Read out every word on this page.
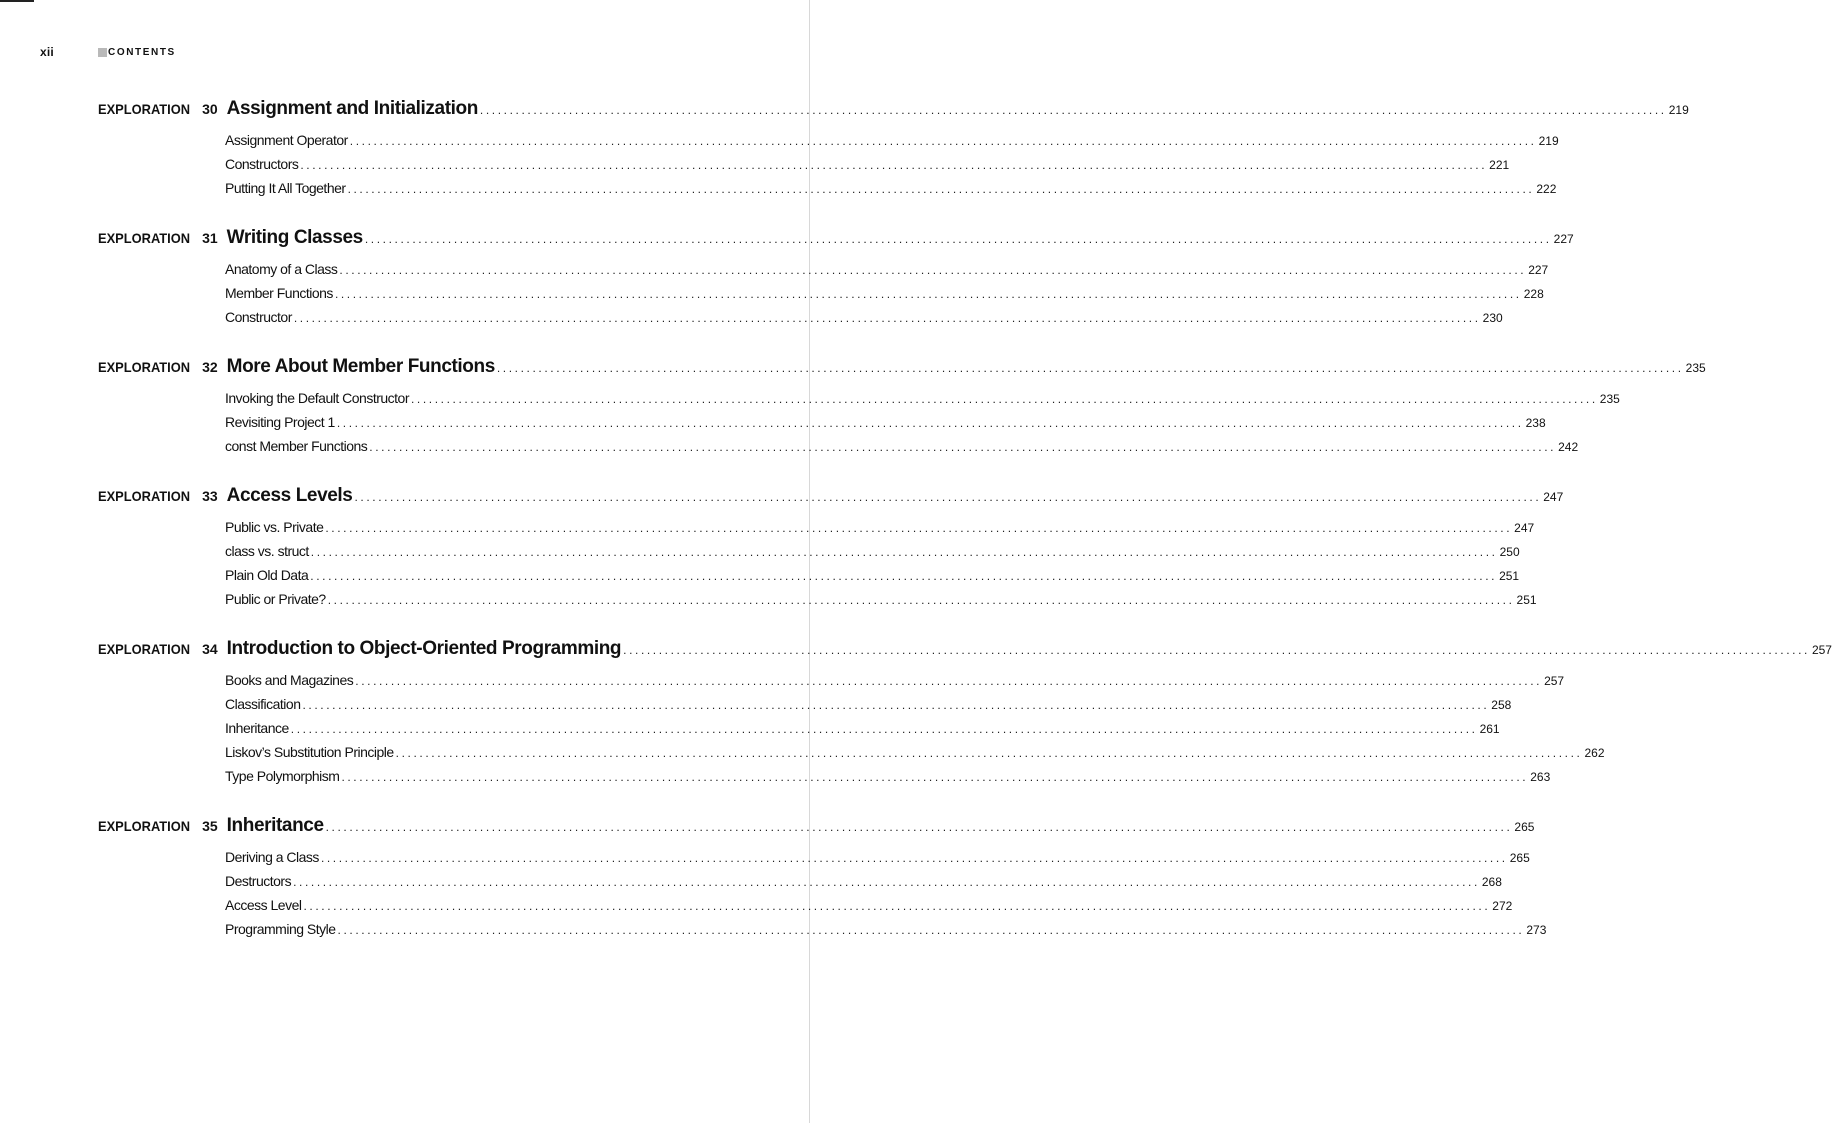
xii	CONTENTS
EXPLORATION 30 Assignment and Initialization ........................................................................................................................................................................................................ 219
Assignment Operator ........................................................................................................................................................................................................ 219
Constructors ........................................................................................................................................................................................................ 221
Putting It All Together ........................................................................................................................................................................................................ 222
EXPLORATION 31 Writing Classes ........................................................................................................................................................................................................ 227
Anatomy of a Class ........................................................................................................................................................................................................ 227
Member Functions ........................................................................................................................................................................................................ 228
Constructor ........................................................................................................................................................................................................ 230
EXPLORATION 32 More About Member Functions ........................................................................................................................................................................................................ 235
Invoking the Default Constructor ........................................................................................................................................................................................................ 235
Revisiting Project 1 ........................................................................................................................................................................................................ 238
const Member Functions ........................................................................................................................................................................................................ 242
EXPLORATION 33 Access Levels ........................................................................................................................................................................................................ 247
Public vs. Private ........................................................................................................................................................................................................ 247
class vs. struct ........................................................................................................................................................................................................ 250
Plain Old Data ........................................................................................................................................................................................................ 251
Public or Private? ........................................................................................................................................................................................................ 251
EXPLORATION 34 Introduction to Object-Oriented Programming ........................................................................................................................................................................................................ 257
Books and Magazines ........................................................................................................................................................................................................ 257
Classification ........................................................................................................................................................................................................ 258
Inheritance ........................................................................................................................................................................................................ 261
Liskov’s Substitution Principle ........................................................................................................................................................................................................ 262
Type Polymorphism ........................................................................................................................................................................................................ 263
EXPLORATION 35 Inheritance ........................................................................................................................................................................................................ 265
Deriving a Class ........................................................................................................................................................................................................ 265
Destructors ........................................................................................................................................................................................................ 268
Access Level ........................................................................................................................................................................................................ 272
Programming Style ........................................................................................................................................................................................................ 273
